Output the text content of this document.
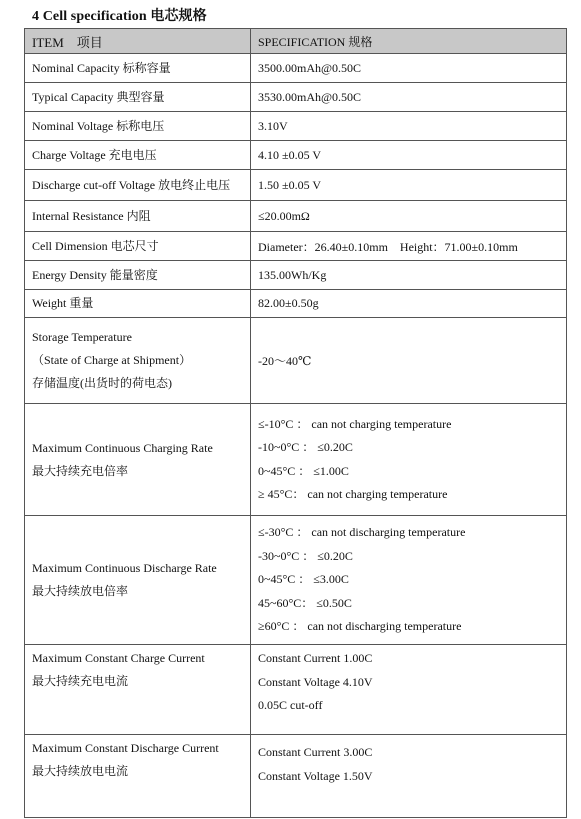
4 Cell specification 电芯规格
ITEM    项目	SPECIFICATION 规格

Nominal Capacity 标称容量	3500.00mAh@0.50C

Typical Capacity 典型容量	3530.00mAh@0.50C

Nominal Voltage 标称电压	3.10V

Charge Voltage 充电电压	4.10 ±0.05 V

Discharge cut-off Voltage 放电终止电压	1.50 ±0.05 V

Internal Resistance 内阻	≤20.00mΩ

Cell Dimension 电芯尺寸	Diameter：26.40±0.10mm    Height：71.00±0.10mm

Energy Density 能量密度	135.00Wh/Kg

Weight 重量	82.00±0.50g

Storage Temperature
（State of Charge at Shipment）
存储温度(出货时的荷电态)	-20～40℃

Maximum Continuous Charging Rate
最大持续充电倍率	≤-10°C ： can not charging temperature
-10~0°C ： ≤0.20C
0~45°C ： ≤1.00C
≥ 45°C： can not charging temperature

Maximum Continuous Discharge Rate
最大持续放电倍率	≤-30°C ： can not discharging temperature
-30~0°C ： ≤0.20C
0~45°C ： ≤3.00C
45~60°C： ≤0.50C
≥60°C ： can not discharging temperature

Maximum Constant Charge Current
最大持续充电电流	Constant Current 1.00C
Constant Voltage 4.10V
0.05C cut-off

Maximum Constant Discharge Current
最大持续放电电流	Constant Current 3.00C
Constant Voltage 1.50V
